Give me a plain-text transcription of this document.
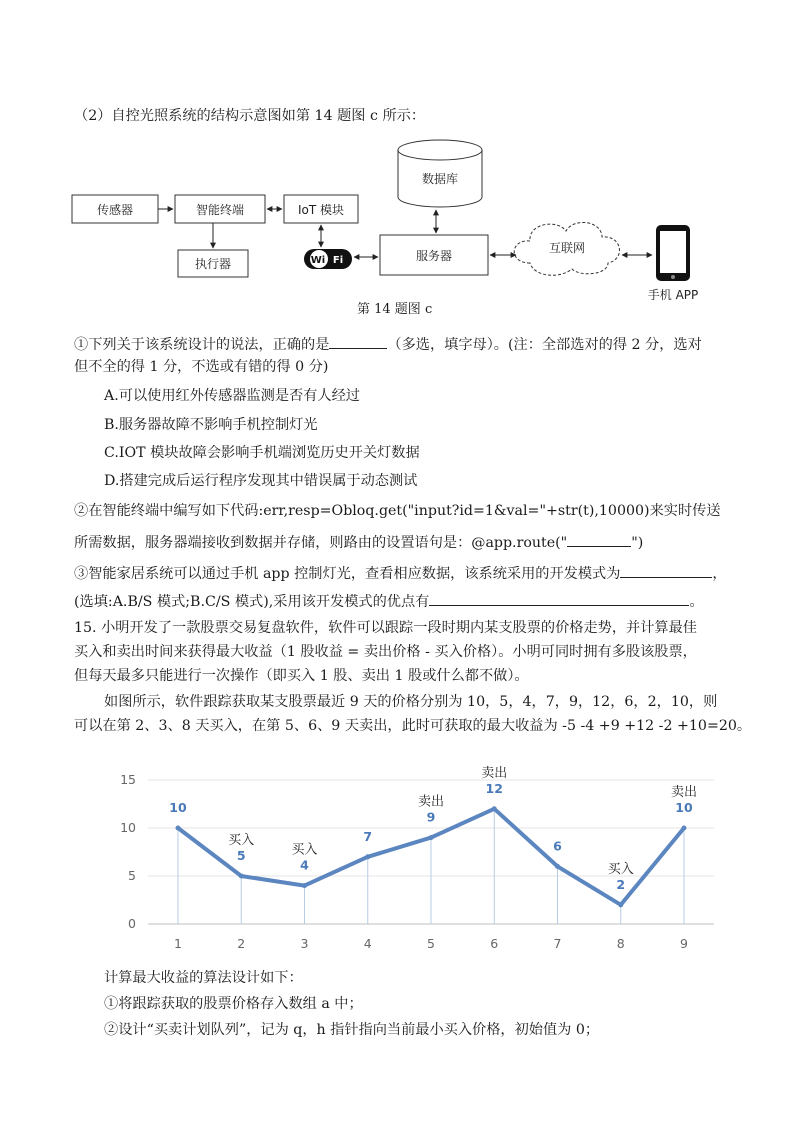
（2）自控光照系统的结构示意图如第 14 题图 c 所示：
传感器	智能终端	IoT 模块
执行器
数据库
服务器
互联网
Wi Fi
手机 APP
第 14 题图 c
①下列关于该系统设计的说法，正确的是	（多选，填字母）。(注：全部选对的得 2 分，选对
但不全的得 1 分，不选或有错的得 0 分)
A.可以使用红外传感器监测是否有人经过
B.服务器故障不影响手机控制灯光
C.IOT 模块故障会影响手机端浏览历史开关灯数据
D.搭建完成后运行程序发现其中错误属于动态测试
②在智能终端中编写如下代码:err,resp=Obloq.get("input?id=1&val="+str(t),10000)来实时传送
所需数据，服务器端接收到数据并存储，则路由的设置语句是：@app.route("	")
③智能家居系统可以通过手机 app 控制灯光，查看相应数据，该系统采用的开发模式为	，
(选填:A.B/S 模式;B.C/S 模式),采用该开发模式的优点有	。
15. 小明开发了一款股票交易复盘软件，软件可以跟踪一段时期内某支股票的价格走势，并计算最佳
买入和卖出时间来获得最大收益（1 股收益 = 卖出价格 - 买入价格）。小明可同时拥有多股该股票，
但每天最多只能进行一次操作（即买入 1 股、卖出 1 股或什么都不做）。
如图所示，软件跟踪获取某支股票最近 9 天的价格分别为 10，5，4，7，9，12，6，2，10，则
可以在第 2、3、8 天买入，在第 5、6、9 天卖出，此时可获取的最大收益为 -5 -4 +9 +12 -2 +10=20。
0
5
10
15
10
1
5
2
4
3
7
4
9
5
12
6
6
7
2
8
10
9
买入
买入
卖出
卖出
买入
卖出
计算最大收益的算法设计如下：
①将跟踪获取的股票价格存入数组 a 中；
②设计“买卖计划队列”，记为 q，h 指针指向当前最小买入价格，初始值为 0；
